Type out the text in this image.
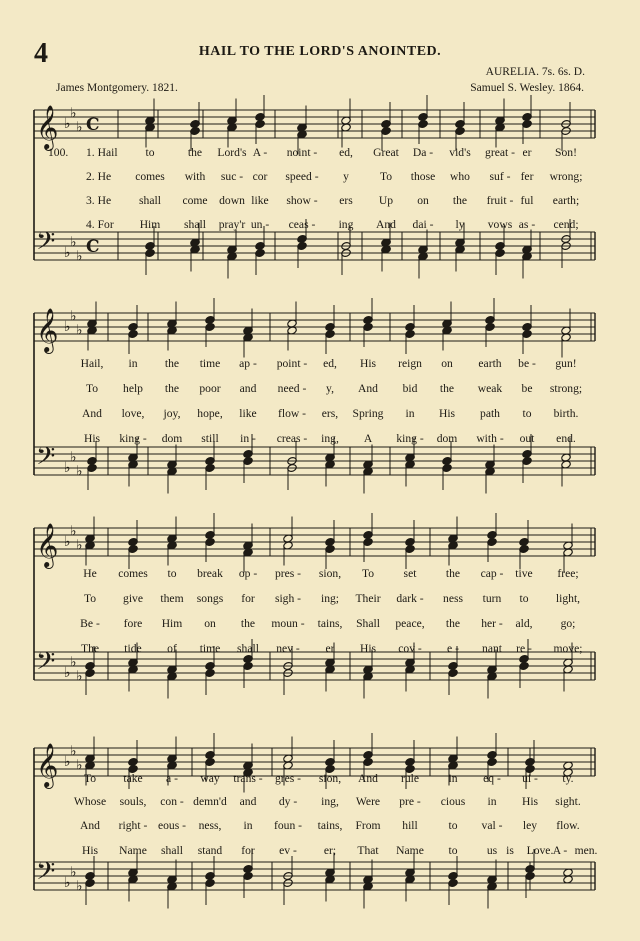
4	HAIL TO THE LORD'S ANOINTED.
AURELIA. 7s. 6s. D.
James Montgomery. 1821.	Samuel S. Wesley. 1864.
𝄞 ♭
♭
♭ C
𝄢 ♭
♭
♭ C
𝄞 ♭
♭
♭
𝄢 ♭
♭
♭
𝄞 ♭
♭
♭
𝄢 ♭
♭
♭
𝄞 ♭
♭
♭
𝄢 ♭
♭
♭
100. 1. Hail to	the Lord's A - noint - ed, Great Da - vid's great - er Son!
2. He comes with suc - cor speed - y	To those who suf - fer wrong;
3. He shall come down like show - ers Up on the fruit - ful earth;
4. For Him shall pray'r un - ceas - ing And dai - ly vows as - cend;
Hail, in the time ap - point - ed, His reign on earth be - gun!
To help the poor and need - y, And bid the weak be strong;
And love, joy, hope, like flow - ers, Spring in His path to birth.
His king - dom still in - creas - ing, A king - dom with - out end.
He comes to break op - pres - sion, To	set	the cap - tive free;
To give them songs for sigh - ing; Their dark - ness turn to light,
Be - fore Him on the moun - tains, Shall peace, the her - ald, go;
The tide of time shall nev - er His cov - e - nant re - move;
To take a - way trans - gres - sion, And rule	in eq - ui - ty.
Whose souls, con - demn'd and dy - ing, Were pre - cious in His sight.
And right - eous - ness, in foun - tains, From hill	to val - ley flow.
His Name shall stand for ev - er; That Name to	us is Love. A - men.
